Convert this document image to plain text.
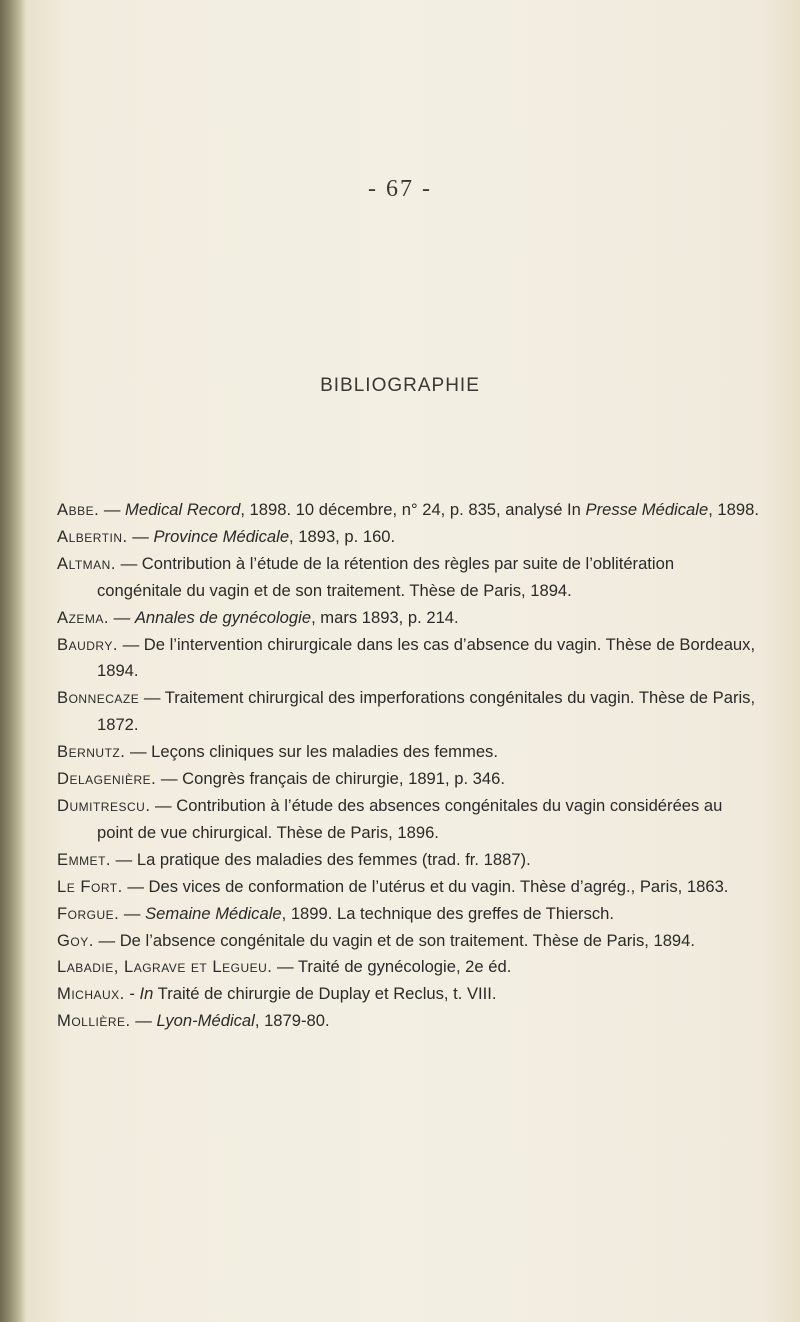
- 67 -
BIBLIOGRAPHIE
Abbe. — Medical Record, 1898. 10 décembre, n° 24, p. 835, analysé In Presse Médicale, 1898.
Albertin. — Province Médicale, 1893, p. 160.
Altman. — Contribution à l’étude de la rétention des règles par suite de l’oblitération congénitale du vagin et de son traitement. Thèse de Paris, 1894.
Azema. — Annales de gynécologie, mars 1893, p. 214.
Baudry. — De l’intervention chirurgicale dans les cas d’absence du vagin. Thèse de Bordeaux, 1894.
Bonnecaze — Traitement chirurgical des imperforations congénitales du vagin. Thèse de Paris, 1872.
Bernutz. — Leçons cliniques sur les maladies des femmes.
Delagenière. — Congrès français de chirurgie, 1891, p. 346.
Dumitrescu. — Contribution à l’étude des absences congénitales du vagin considérées au point de vue chirurgical. Thèse de Paris, 1896.
Emmet. — La pratique des maladies des femmes (trad. fr. 1887).
Le Fort. — Des vices de conformation de l’utérus et du vagin. Thèse d’agrég., Paris, 1863.
Forgue. — Semaine Médicale, 1899. La technique des greffes de Thiersch.
Goy. — De l’absence congénitale du vagin et de son traitement. Thèse de Paris, 1894.
Labadie, Lagrave et Legueu. — Traité de gynécologie, 2e éd.
Michaux. - In Traité de chirurgie de Duplay et Reclus, t. VIII.
Mollière. — Lyon-Médical, 1879-80.
